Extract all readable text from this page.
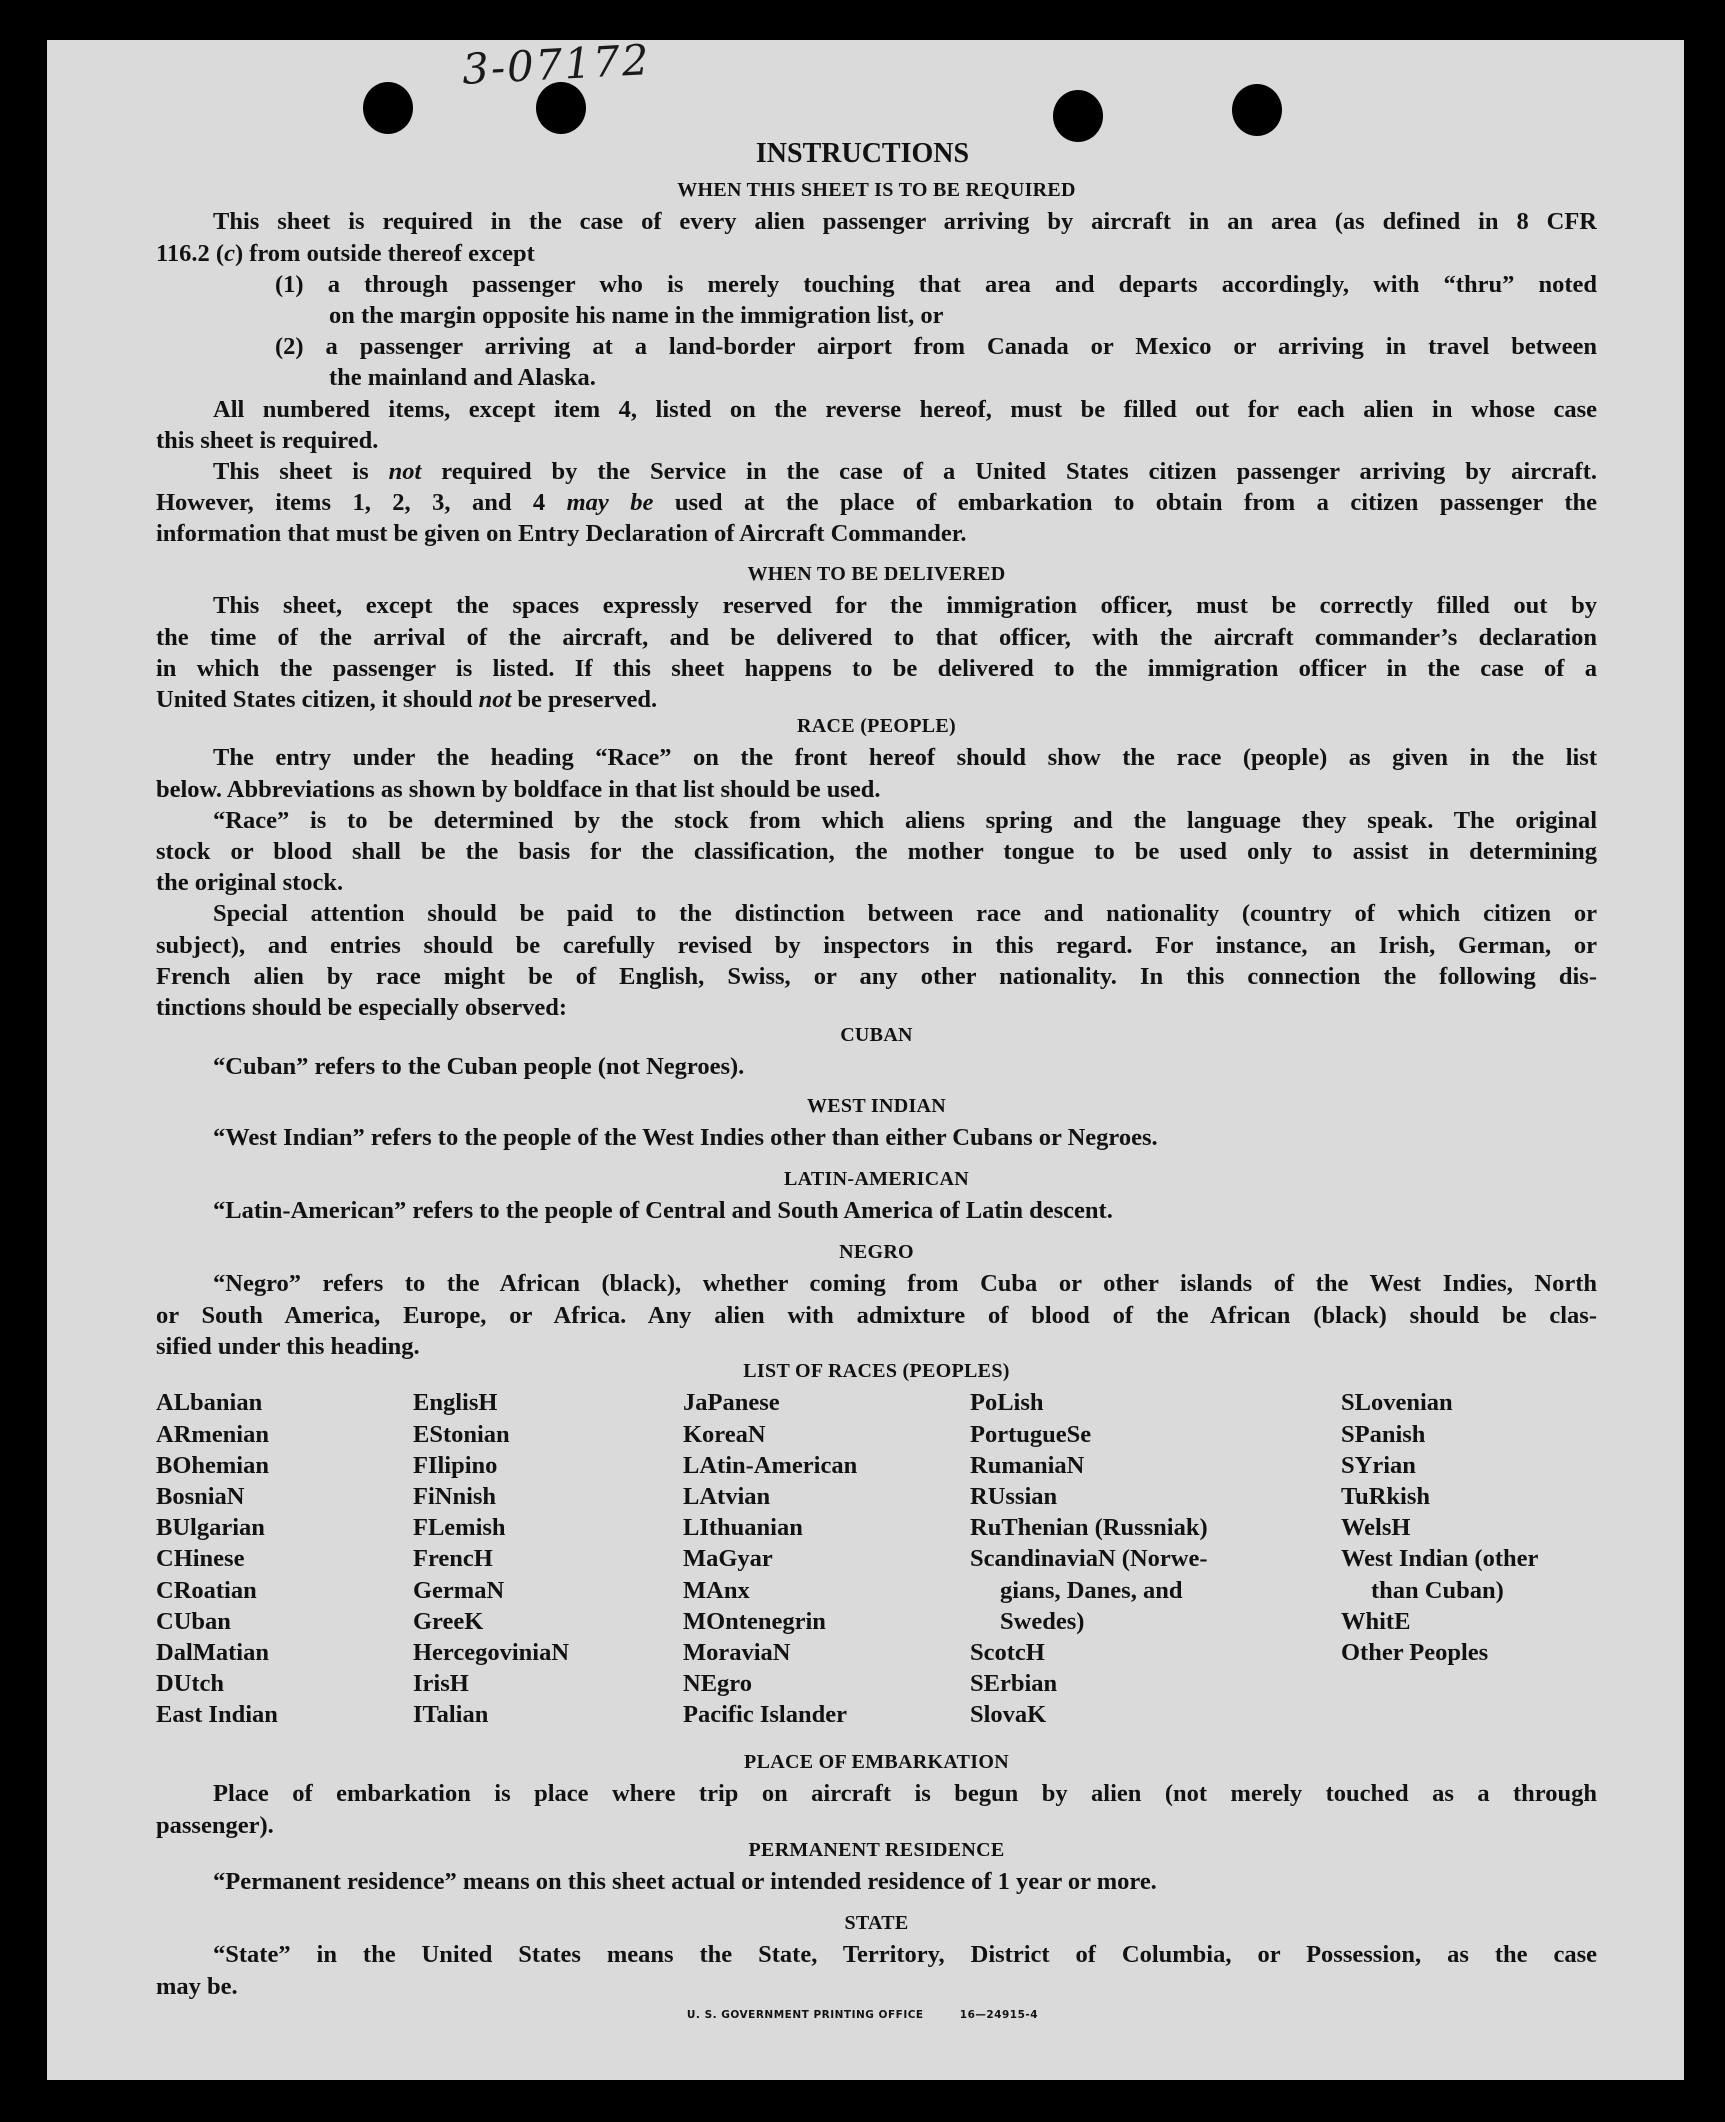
3-07172
INSTRUCTIONS
WHEN THIS SHEET IS TO BE REQUIRED
This sheet is required in the case of every alien passenger arriving by aircraft in an area (as defined in 8 CFR
116.2 (c) from outside thereof except
(1) a through passenger who is merely touching that area and departs accordingly, with “thru” noted
on the margin opposite his name in the immigration list, or
(2) a passenger arriving at a land-border airport from Canada or Mexico or arriving in travel between
the mainland and Alaska.
All numbered items, except item 4, listed on the reverse hereof, must be filled out for each alien in whose case
this sheet is required.
This sheet is not required by the Service in the case of a United States citizen passenger arriving by aircraft.
However, items 1, 2, 3, and 4 may be used at the place of embarkation to obtain from a citizen passenger the
information that must be given on Entry Declaration of Aircraft Commander.
WHEN TO BE DELIVERED
This sheet, except the spaces expressly reserved for the immigration officer, must be correctly filled out by
the time of the arrival of the aircraft, and be delivered to that officer, with the aircraft commander’s declaration
in which the passenger is listed. If this sheet happens to be delivered to the immigration officer in the case of a
United States citizen, it should not be preserved.
RACE (PEOPLE)
The entry under the heading “Race” on the front hereof should show the race (people) as given in the list
below. Abbreviations as shown by boldface in that list should be used.
“Race” is to be determined by the stock from which aliens spring and the language they speak. The original
stock or blood shall be the basis for the classification, the mother tongue to be used only to assist in determining
the original stock.
Special attention should be paid to the distinction between race and nationality (country of which citizen or
subject), and entries should be carefully revised by inspectors in this regard. For instance, an Irish, German, or
French alien by race might be of English, Swiss, or any other nationality. In this connection the following dis-
tinctions should be especially observed:
CUBAN
“Cuban” refers to the Cuban people (not Negroes).
WEST INDIAN
“West Indian” refers to the people of the West Indies other than either Cubans or Negroes.
LATIN-AMERICAN
“Latin-American” refers to the people of Central and South America of Latin descent.
NEGRO
“Negro” refers to the African (black), whether coming from Cuba or other islands of the West Indies, North
or South America, Europe, or Africa. Any alien with admixture of blood of the African (black) should be clas-
sified under this heading.
LIST OF RACES (PEOPLES)
ALbanian
ARmenian
BOhemian
BosniaN
BUlgarian
CHinese
CRoatian
CUban
DalMatian
DUtch
East Indian
EnglisH
EStonian
FIlipino
FiNnish
FLemish
FrencH
GermaN
GreeK
HercegoviniaN
IrisH
ITalian
JaPanese
KoreaN
LAtin-American
LAtvian
LIthuanian
MaGyar
MAnx
MOntenegrin
MoraviaN
NEgro
Pacific Islander
PoLish
PortugueSe
RumaniaN
RUssian
RuThenian (Russniak)
ScandinaviaN (Norwe-
gians, Danes, and
Swedes)
ScotcH
SErbian
SlovaK
SLovenian
SPanish
SYrian
TuRkish
WelsH
West Indian (other
than Cuban)
WhitE
Other Peoples
PLACE OF EMBARKATION
Place of embarkation is place where trip on aircraft is begun by alien (not merely touched as a through
passenger).
PERMANENT RESIDENCE
“Permanent residence” means on this sheet actual or intended residence of 1 year or more.
STATE
“State” in the United States means the State, Territory, District of Columbia, or Possession, as the case
may be.
U. S. GOVERNMENT PRINTING OFFICE	16—24915-4
